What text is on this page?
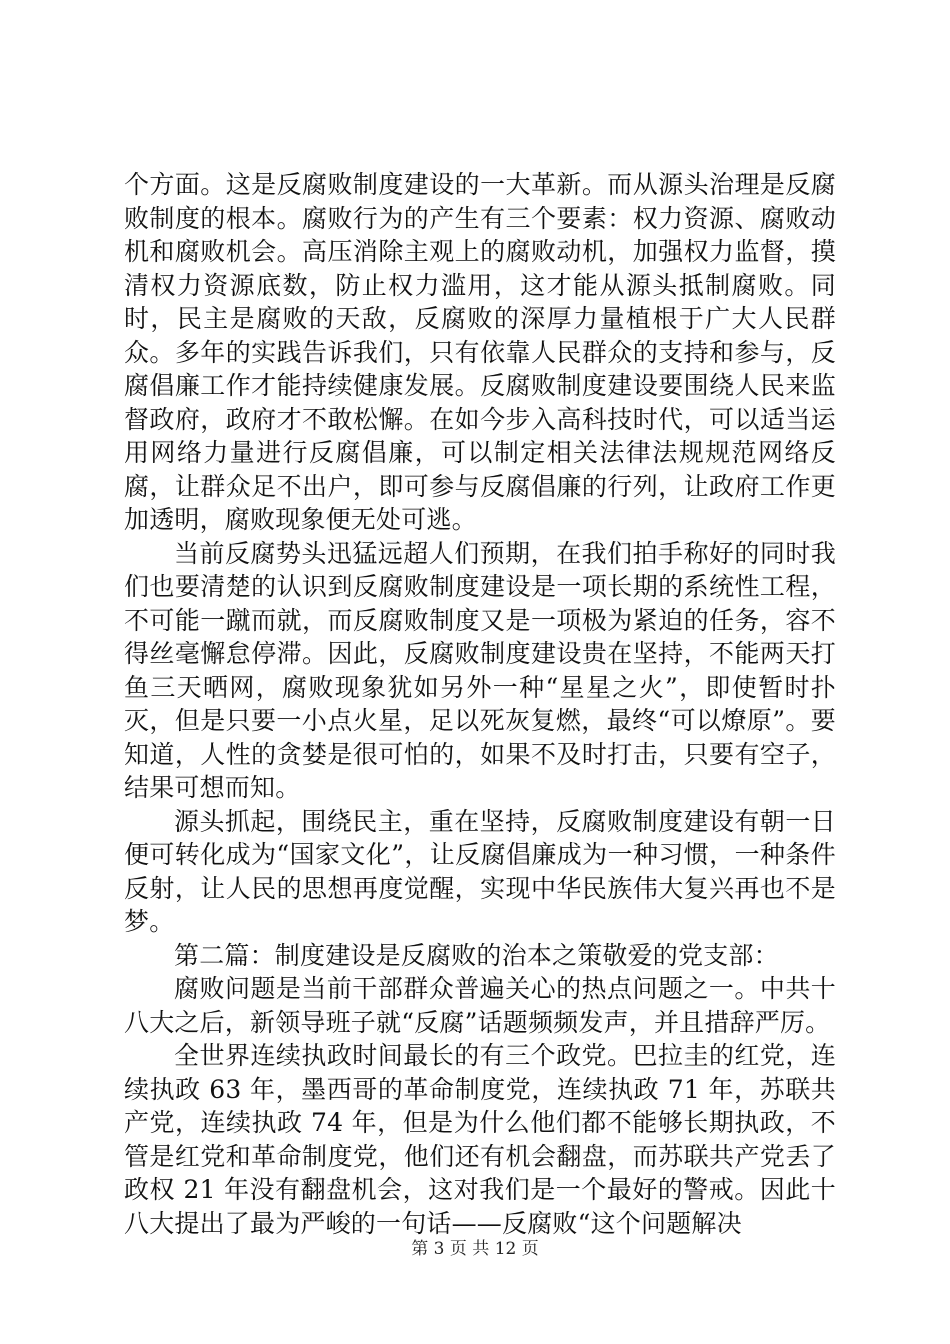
个方面。这是反腐败制度建设的一大革新。而从源头治理是反腐败制度的根本。腐败行为的产生有三个要素：权力资源、腐败动机和腐败机会。高压消除主观上的腐败动机，加强权力监督，摸清权力资源底数，防止权力滥用，这才能从源头抵制腐败。同时，民主是腐败的天敌，反腐败的深厚力量植根于广大人民群众。多年的实践告诉我们，只有依靠人民群众的支持和参与，反腐倡廉工作才能持续健康发展。反腐败制度建设要围绕人民来监督政府，政府才不敢松懈。在如今步入高科技时代，可以适当运用网络力量进行反腐倡廉，可以制定相关法律法规规范网络反腐，让群众足不出户，即可参与反腐倡廉的行列，让政府工作更加透明，腐败现象便无处可逃。

当前反腐势头迅猛远超人们预期，在我们拍手称好的同时我们也要清楚的认识到反腐败制度建设是一项长期的系统性工程，不可能一蹴而就，而反腐败制度又是一项极为紧迫的任务，容不得丝毫懈怠停滞。因此，反腐败制度建设贵在坚持，不能两天打鱼三天晒网，腐败现象犹如另外一种“星星之火”，即使暂时扑灭，但是只要一小点火星，足以死灰复燃，最终“可以燎原”。要知道，人性的贪婪是很可怕的，如果不及时打击，只要有空子，结果可想而知。

源头抓起，围绕民主，重在坚持，反腐败制度建设有朝一日便可转化成为“国家文化”，让反腐倡廉成为一种习惯，一种条件反射，让人民的思想再度觉醒，实现中华民族伟大复兴再也不是梦。

第二篇：制度建设是反腐败的治本之策敬爱的党支部：

腐败问题是当前干部群众普遍关心的热点问题之一。中共十八大之后，新领导班子就“反腐”话题频频发声，并且措辞严厉。

全世界连续执政时间最长的有三个政党。巴拉圭的红党，连续执政 63 年，墨西哥的革命制度党，连续执政 71 年，苏联共产党，连续执政 74 年，但是为什么他们都不能够长期执政，不管是红党和革命制度党，他们还有机会翻盘，而苏联共产党丢了政权 21 年没有翻盘机会，这对我们是一个最好的警戒。因此十八大提出了最为严峻的一句话——反腐败“这个问题解决

第 3 页 共 12 页
